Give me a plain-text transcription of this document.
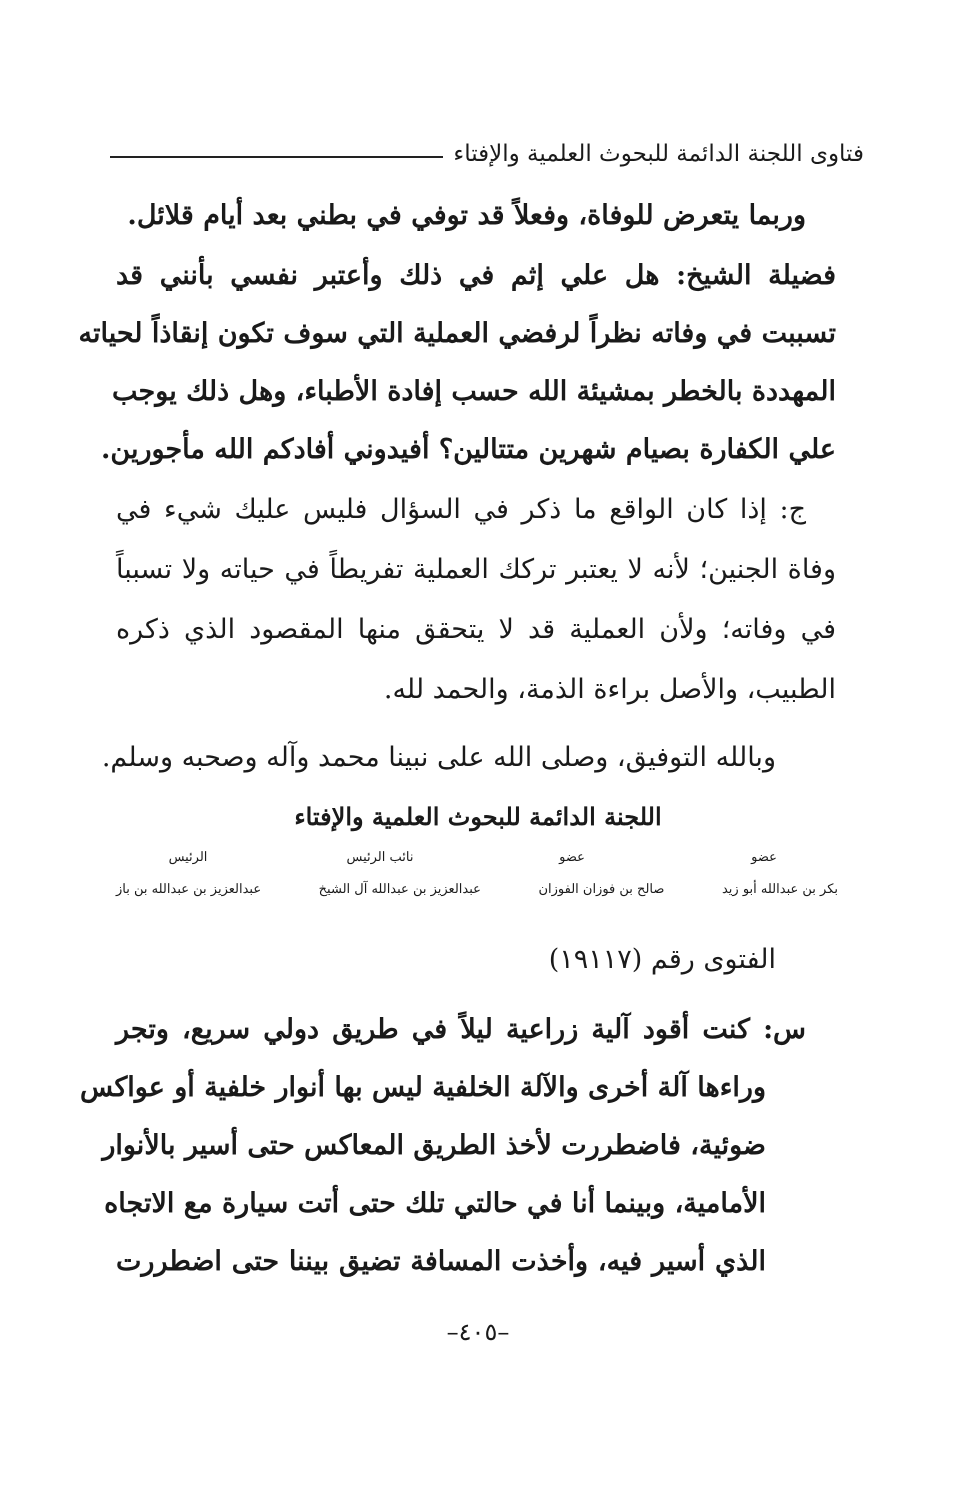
فتاوى اللجنة الدائمة للبحوث العلمية والإفتاء
وربما يتعرض للوفاة، وفعلاً قد توفي في بطني بعد أيام قلائل.
فضيلة الشيخ: هل علي إثم في ذلك وأعتبر نفسي بأنني قد
تسببت في وفاته نظراً لرفضي العملية التي سوف تكون إنقاذاً لحياته
المهددة بالخطر بمشيئة الله حسب إفادة الأطباء، وهل ذلك يوجب
علي الكفارة بصيام شهرين متتالين؟ أفيدوني أفادكم الله مأجورين.
ج: إذا كان الواقع ما ذكر في السؤال فليس عليك شيء في
وفاة الجنين؛ لأنه لا يعتبر تركك العملية تفريطاً في حياته ولا تسبباً
في وفاته؛ ولأن العملية قد لا يتحقق منها المقصود الذي ذكره
الطبيب، والأصل براءة الذمة، والحمد لله.
وبالله التوفيق، وصلى الله على نبينا محمد وآله وصحبه وسلم.
اللجنة الدائمة للبحوث العلمية والإفتاء
عضو
عضو
نائب الرئيس
الرئيس
بكر بن عبدالله أبو زيد
صالح بن فوزان الفوزان
عبدالعزيز بن عبدالله آل الشيخ
عبدالعزيز بن عبدالله بن باز
الفتوى رقم (١٩١١٧)
س: كنت أقود آلية زراعية ليلاً في طريق دولي سريع، وتجر
وراءها آلة أخرى والآلة الخلفية ليس بها أنوار خلفية أو عواكس
ضوئية، فاضطررت لأخذ الطريق المعاكس حتى أسير بالأنوار
الأمامية، وبينما أنا في حالتي تلك حتى أتت سيارة مع الاتجاه
الذي أسير فيه، وأخذت المسافة تضيق بيننا حتى اضطررت
–٤٠٥–
